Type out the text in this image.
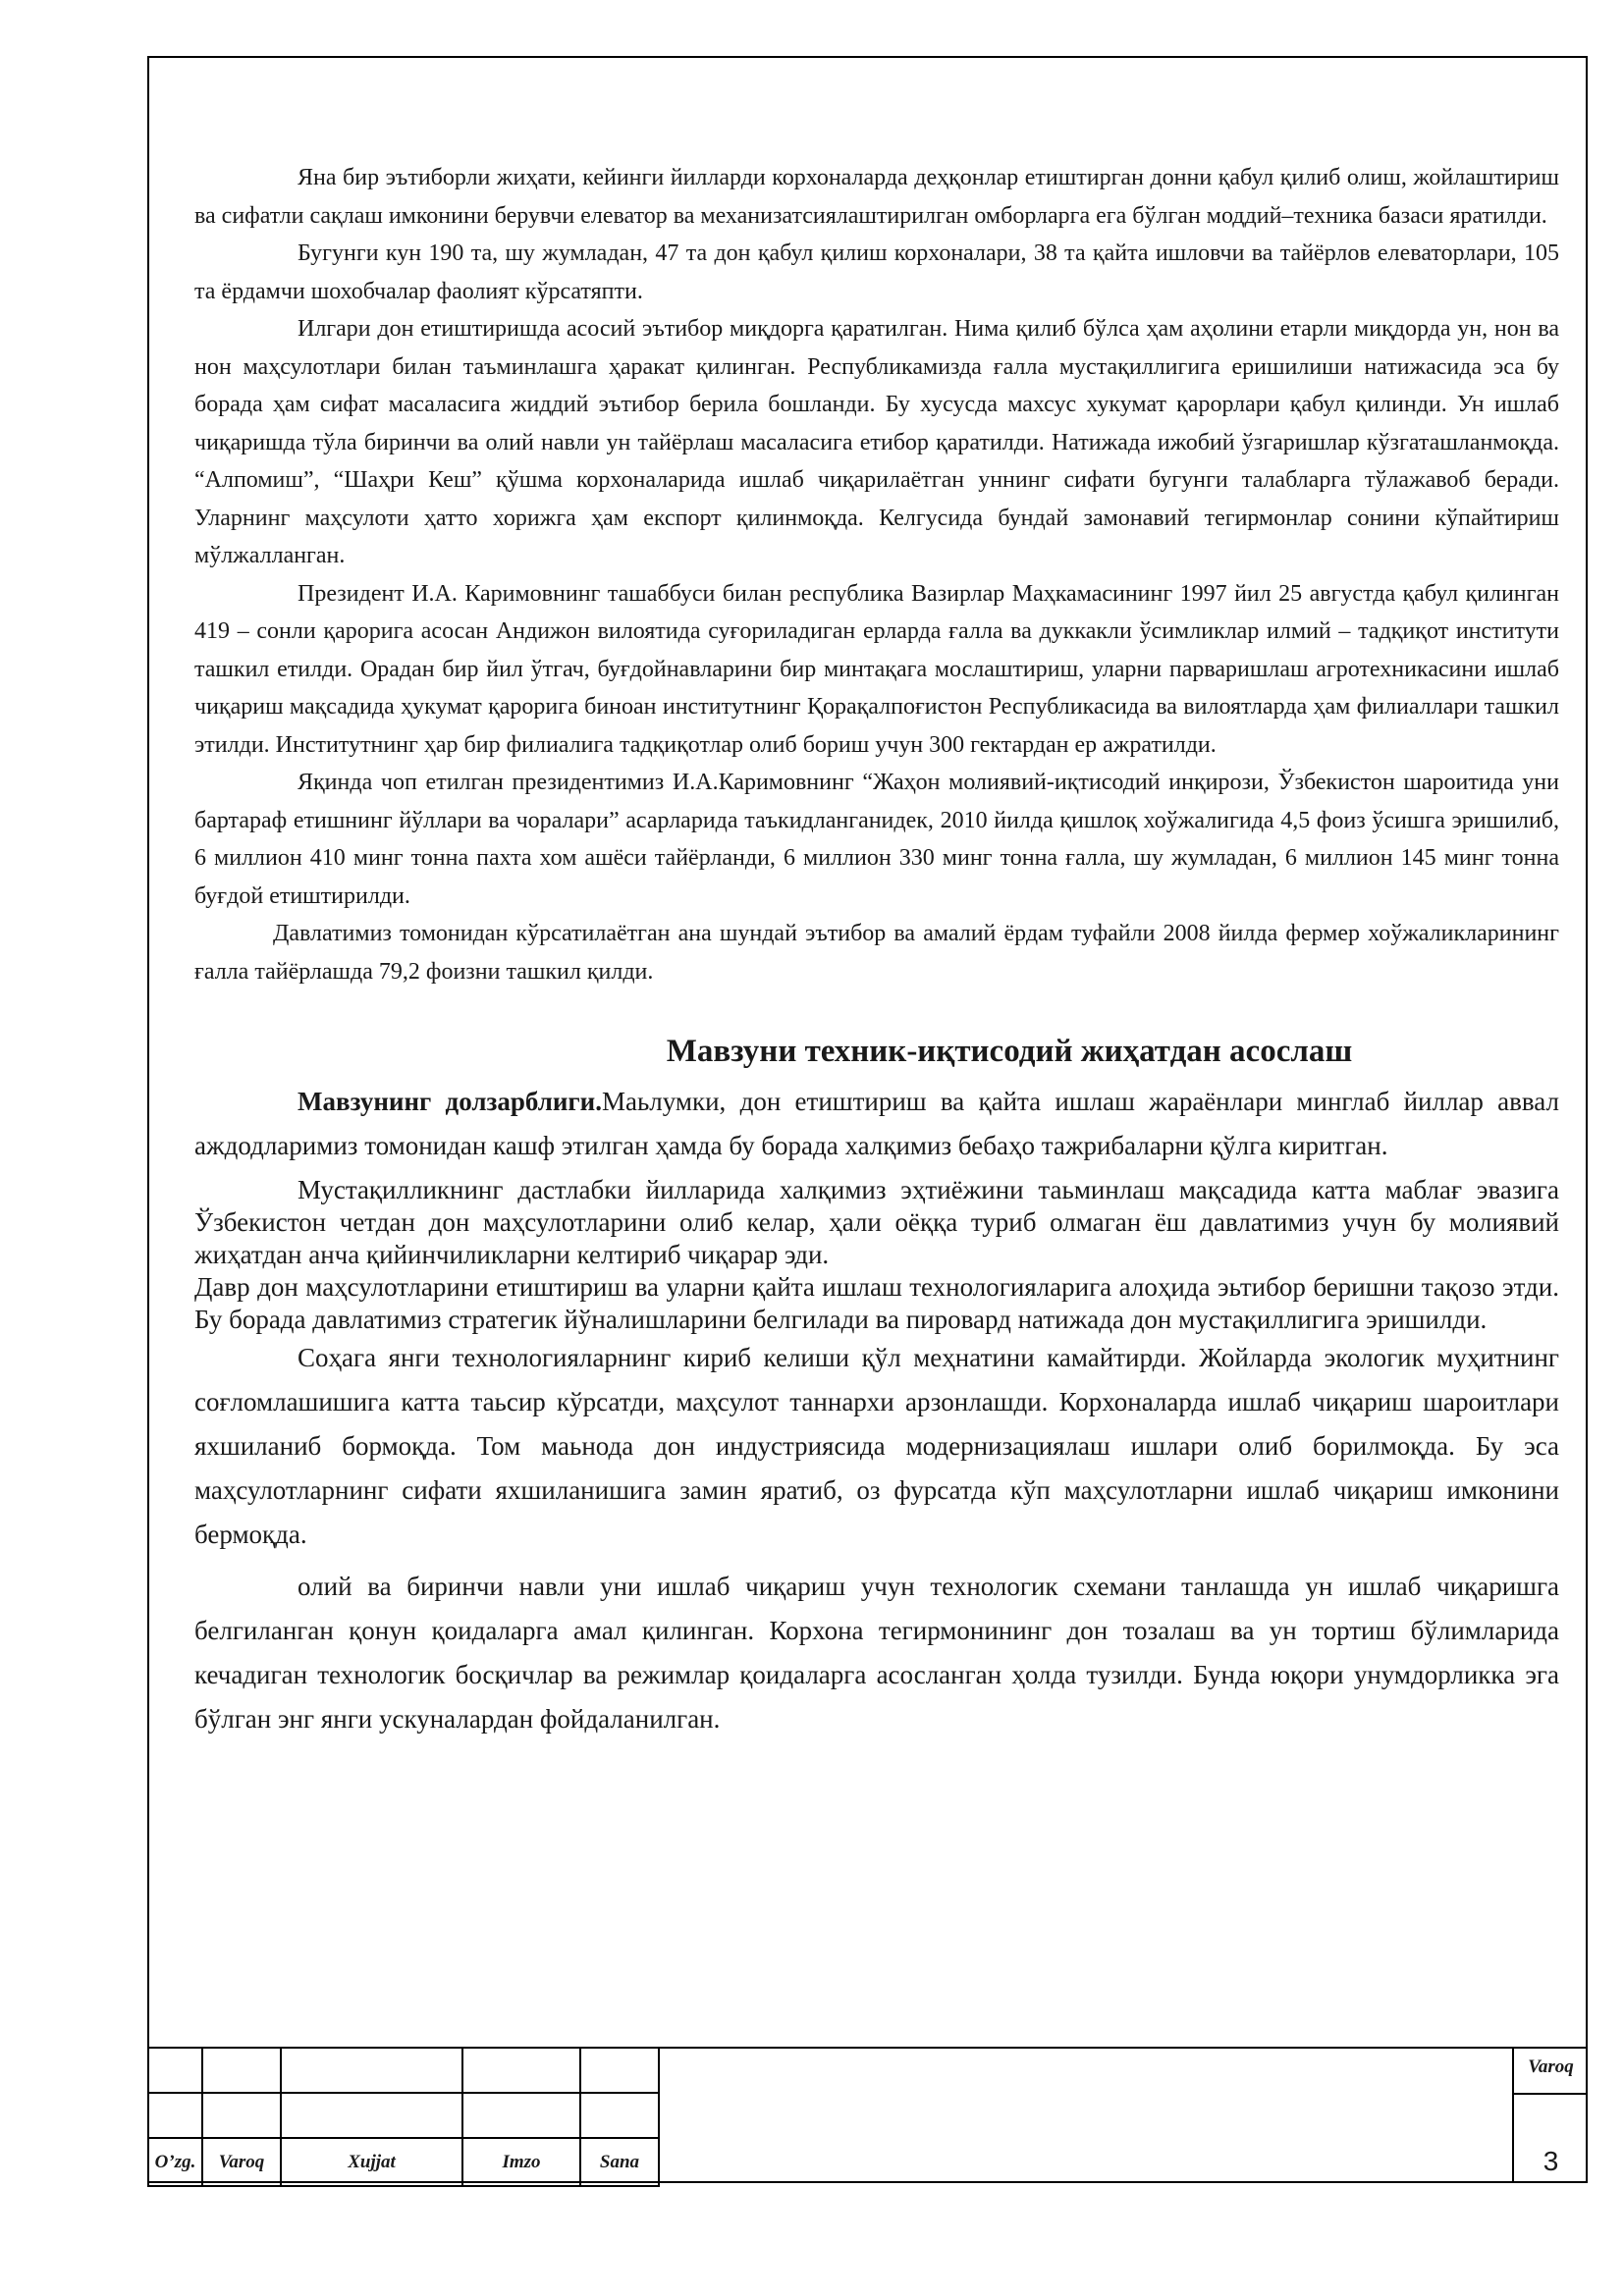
Яна бир эътиборли жиҳати, кейинги йилларди корхоналарда деҳқонлар етиштирган донни қабул қилиб олиш, жойлаштириш ва сифатли сақлаш имконини берувчи елеватор ва механизатсиялаштирилган омборларга ега бўлган моддий–техника базаси яратилди.

Бугунги кун 190 та, шу жумладан, 47 та дон қабул қилиш корхоналари, 38 та қайта ишловчи ва тайёрлов елеваторлари, 105 та ёрдамчи шохобчалар фаолият кўрсатяпти.

Илгари дон етиштиришда асосий эътибор миқдорга қаратилган. Нима қилиб бўлса ҳам аҳолини етарли миқдорда ун, нон ва нон маҳсулотлари билан таъминлашга ҳаракат қилинган. Республикамизда ғалла мустақиллигига еришилиши натижасида эса бу борада ҳам сифат масаласига жиддий эътибор берила бошланди. Бу хусусда махсус хукумат қарорлари қабул қилинди. Ун ишлаб чиқаришда тўла биринчи ва олий навли ун тайёрлаш масаласига етибор қаратилди. Натижада ижобий ўзгаришлар кўзгаташланмоқда. “Алпомиш”, “Шаҳри Кеш” қўшма корхоналарида ишлаб чиқарилаётган уннинг сифати бугунги талабларга тўлажавоб беради. Уларнинг маҳсулоти ҳатто хорижга ҳам експорт қилинмоқда. Келгусида бундай замонавий тегирмонлар сонини кўпайтириш мўлжалланган.

Президент И.А. Каримовнинг ташаббуси билан республика Вазирлар Маҳкамасининг 1997 йил 25 августда қабул қилинган 419 – сонли қарорига асосан Андижон вилоятида суғориладиган ерларда ғалла ва дуккакли ўсимликлар илмий – тадқиқот институти ташкил етилди. Орадан бир йил ўтгач, буғдойнавларини бир минтақага мослаштириш, уларни парваришлаш агротехникасини ишлаб чиқариш мақсадида ҳукумат қарорига биноан институтнинг Қорақалпоғистон Республикасида ва вилоятларда ҳам филиаллари ташкил этилди. Институтнинг ҳар бир филиалига тадқиқотлар олиб бориш учун 300 гектардан ер ажратилди.

Яқинда чоп етилган президентимиз И.А.Каримовнинг “Жаҳон молиявий-иқтисодий инқирози, Ўзбекистон шароитида уни бартараф етишнинг йўллари ва чоралари” асарларида таъкидланганидек, 2010 йилда қишлоқ хоўжалигида 4,5 фоиз ўсишга эришилиб, 6 миллион 410 минг тонна пахта хом ашёси тайёрланди, 6 миллион 330 минг тонна ғалла, шу жумладан, 6 миллион 145 минг тонна буғдой етиштирилди.

Давлатимиз томонидан кўрсатилаётган ана шундай эътибор ва амалий ёрдам туфайли 2008 йилда фермер хоўжаликларининг ғалла тайёрлашда 79,2 фоизни ташкил қилди.

Мавзуни техник-иқтисодий жиҳатдан асослаш

Мавзунинг долзарблиги.Маьлумки, дон етиштириш ва қайта ишлаш жараёнлари минглаб йиллар аввал аждодларимиз томонидан кашф этилган ҳамда бу борада халқимиз бебаҳо тажрибаларни қўлга киритган.

Мустақилликнинг дастлабки йилларида халқимиз эҳтиёжини таьминлаш мақсадида катта маблағ эвазига Ўзбекистон четдан дон маҳсулотларини олиб келар, ҳали оёққа туриб олмаган ёш давлатимиз учун бу молиявий жиҳатдан анча қийинчиликларни келтириб чиқарар эди.

Давр дон маҳсулотларини етиштириш ва уларни қайта ишлаш технологияларига алоҳида эьтибор беришни тақозо этди. Бу борада давлатимиз стратегик йўналишларини белгилади ва пировард натижада дон мустақиллигига эришилди.

Соҳага янги технологияларнинг кириб келиши қўл меҳнатини камайтирди. Жойларда экологик муҳитнинг соғломлашишига катта таьсир кўрсатди, маҳсулот таннархи арзонлашди. Корхоналарда ишлаб чиқариш шароитлари яхшиланиб бормоқда. Том маьнода дон индустриясида модернизациялаш ишлари олиб борилмоқда. Бу эса маҳсулотларнинг сифати яхшиланишига замин яратиб, оз фурсатда кўп маҳсулотларни ишлаб чиқариш имконини бермоқда.

олий ва биринчи навли уни ишлаб чиқариш учун технологик схемани танлашда ун ишлаб чиқаришга белгиланган қонун қоидаларга амал қилинган. Корхона тегирмонининг дон тозалаш ва ун тортиш бўлимларида кечадиган технологик босқичлар ва режимлар қоидаларга асосланган ҳолда тузилди. Бунда юқори унумдорликка эга бўлган энг янги ускуналардан фойдаланилган.

O’zg.	Varoq	Xujjat	Imzo	Sana
Varoq
3
